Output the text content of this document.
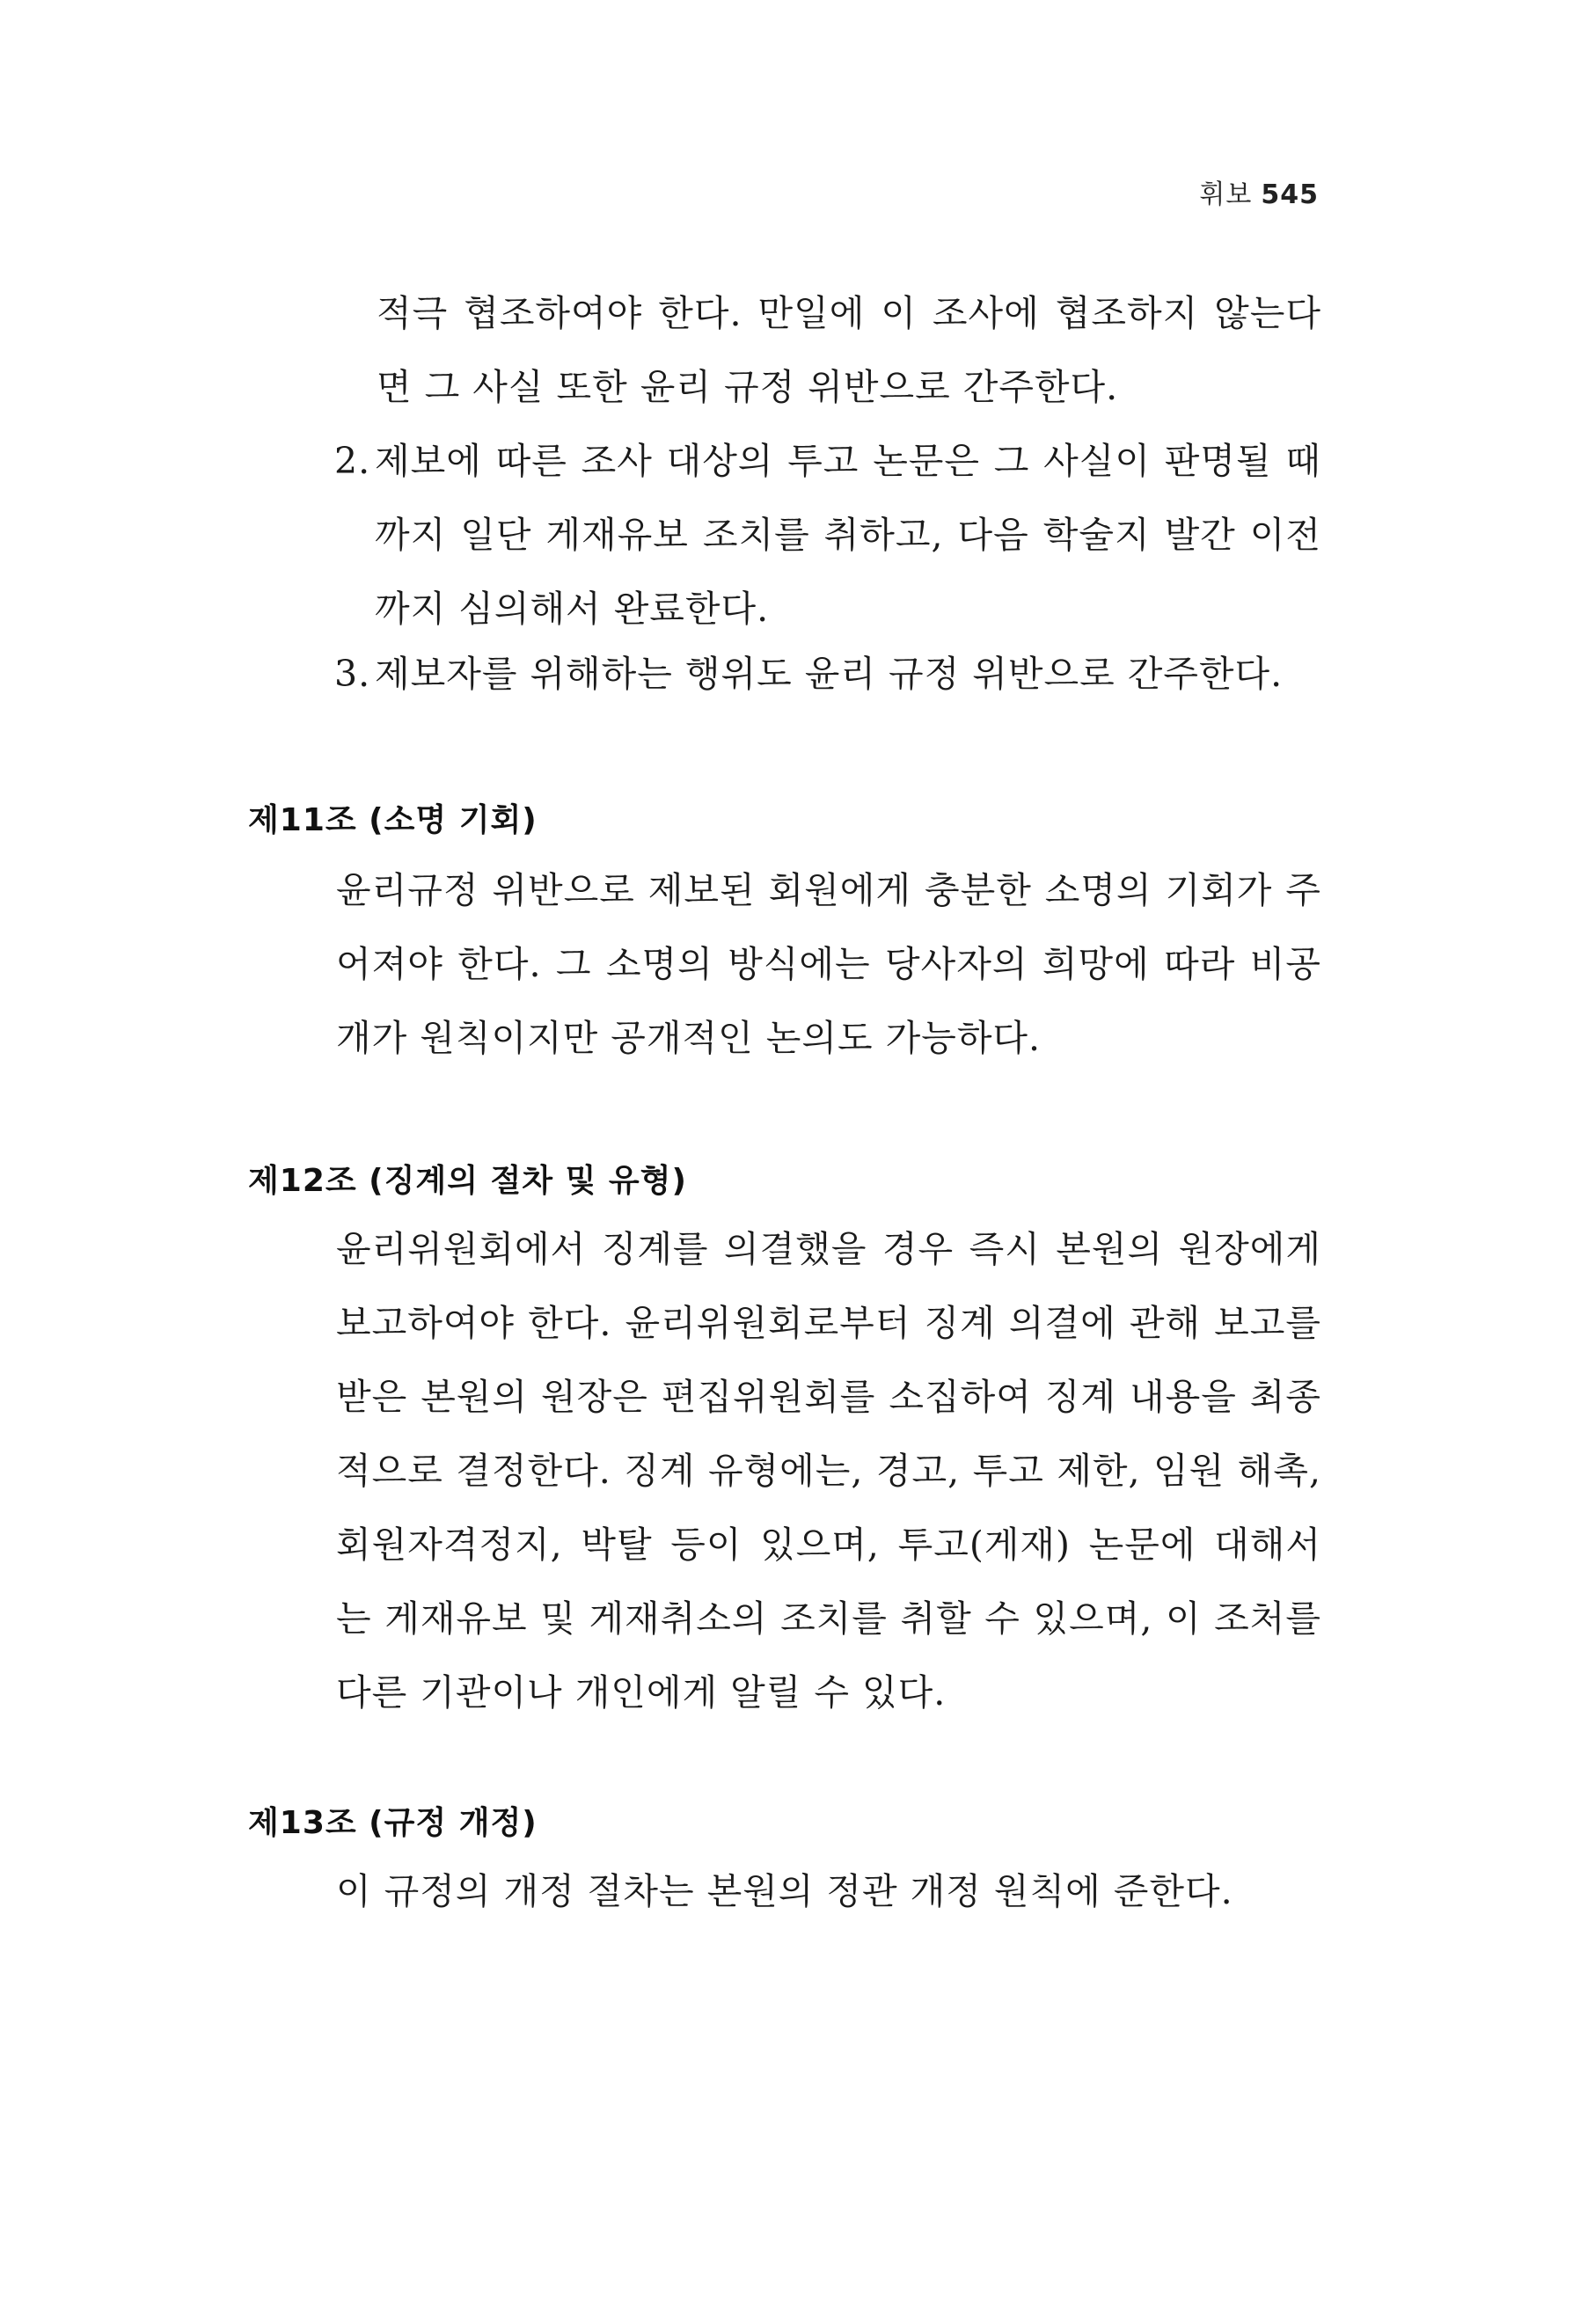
휘보 545

적극 협조하여야 한다. 만일에 이 조사에 협조하지 않는다면 그 사실 또한 윤리 규정 위반으로 간주한다.

2. 제보에 따른 조사 대상의 투고 논문은 그 사실이 판명될 때까지 일단 게재유보 조치를 취하고, 다음 학술지 발간 이전까지 심의해서 완료한다.
3. 제보자를 위해하는 행위도 윤리 규정 위반으로 간주한다.
제11조 (소명 기회)

윤리규정 위반으로 제보된 회원에게 충분한 소명의 기회가 주어져야 한다. 그 소명의 방식에는 당사자의 희망에 따라 비공개가 원칙이지만 공개적인 논의도 가능하다.

제12조 (징계의 절차 및 유형)

윤리위원회에서 징계를 의결했을 경우 즉시 본원의 원장에게 보고하여야 한다. 윤리위원회로부터 징계 의결에 관해 보고를 받은 본원의 원장은 편집위원회를 소집하여 징계 내용을 최종적으로 결정한다. 징계 유형에는, 경고, 투고 제한, 임원 해촉, 회원자격정지, 박탈 등이 있으며, 투고(게재) 논문에 대해서는 게재유보 및 게재취소의 조치를 취할 수 있으며, 이 조처를 다른 기관이나 개인에게 알릴 수 있다.

제13조 (규정 개정)

이 규정의 개정 절차는 본원의 정관 개정 원칙에 준한다.
